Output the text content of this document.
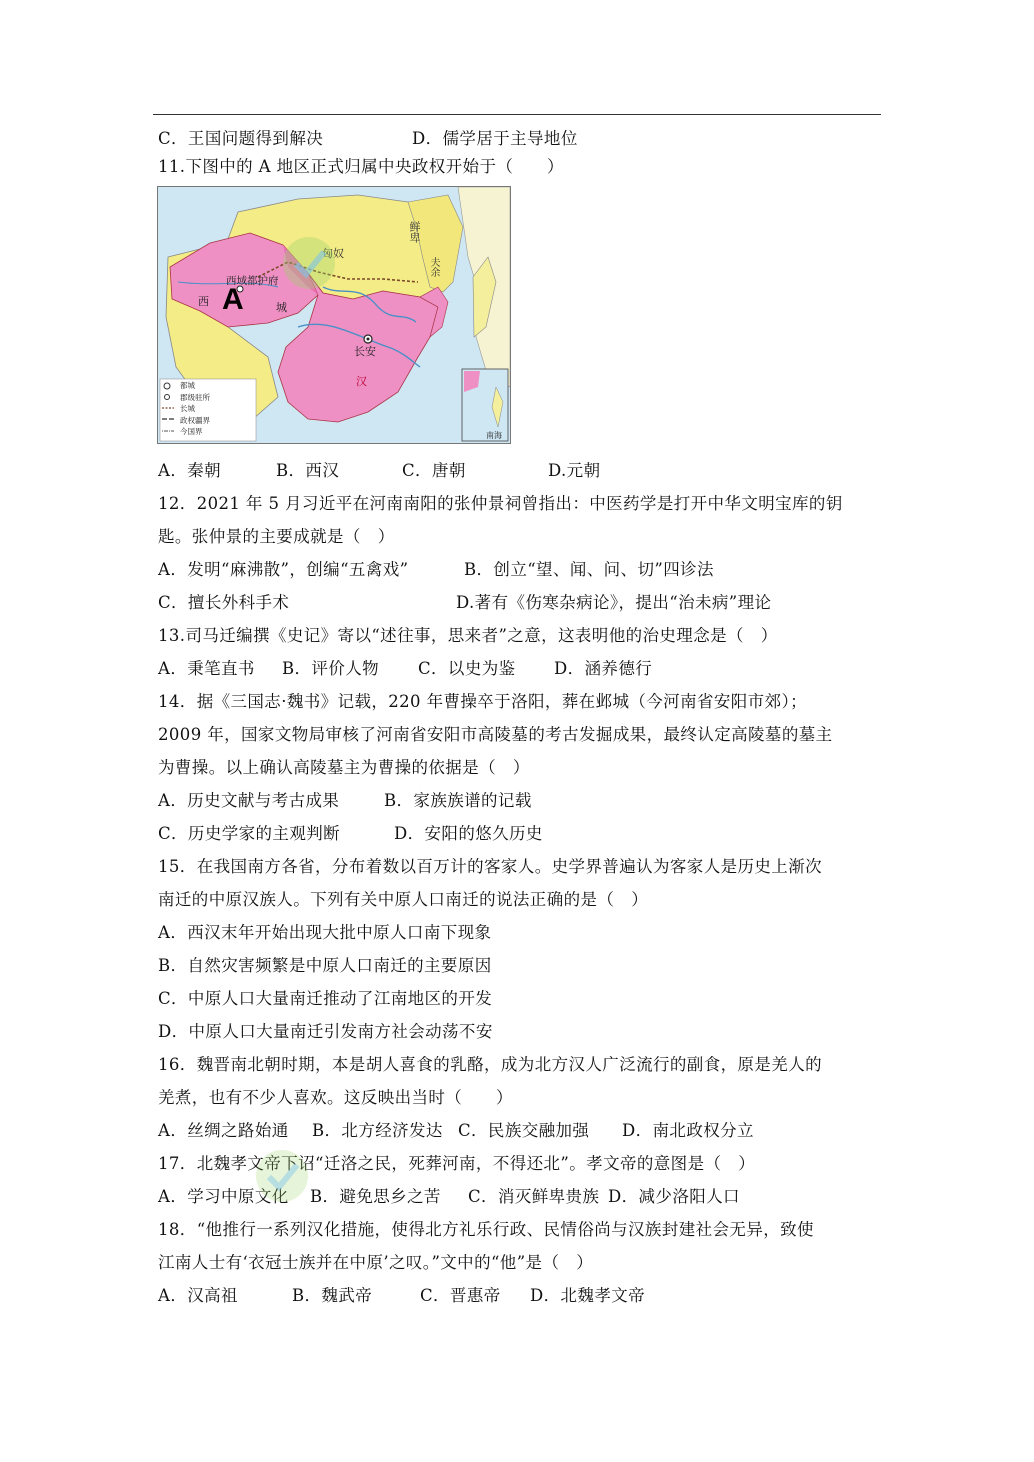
C．王国问题得到解决	D．儒学居于主导地位
11.下图中的 A 地区正式归属中央政权开始于（　　）
A
西
西域都护府
城
长安
汉
匈奴
鲜卑
夫余
南海
都城
郡级驻所
长城
政权疆界
今国界
A．秦朝	B．西汉	C．唐朝	D.元朝
12．2021 年 5 月习近平在河南南阳的张仲景祠曾指出：中医药学是打开中华文明宝库的钥
匙。张仲景的主要成就是（　）
A．发明“麻沸散”，创编“五禽戏”	B．创立“望、闻、问、切”四诊法
C．擅长外科手术	D.著有《伤寒杂病论》，提出“治未病”理论
13.司马迁编撰《史记》寄以“述往事，思来者”之意，这表明他的治史理念是（　）
A．秉笔直书 B．评价人物 C．以史为鉴 D．涵养德行
14．据《三国志·魏书》记载，220 年曹操卒于洛阳，葬在邺城（今河南省安阳市郊）；
2009 年，国家文物局审核了河南省安阳市高陵墓的考古发掘成果，最终认定高陵墓的墓主
为曹操。以上确认高陵墓主为曹操的依据是（　）
A．历史文献与考古成果	B．家族族谱的记载
C．历史学家的主观判断	D．安阳的悠久历史
15．在我国南方各省，分布着数以百万计的客家人。史学界普遍认为客家人是历史上渐次
南迁的中原汉族人。下列有关中原人口南迁的说法正确的是（　）
A．西汉末年开始出现大批中原人口南下现象
B．自然灾害频繁是中原人口南迁的主要原因
C．中原人口大量南迁推动了江南地区的开发
D．中原人口大量南迁引发南方社会动荡不安
16．魏晋南北朝时期，本是胡人喜食的乳酪，成为北方汉人广泛流行的副食，原是羌人的
羌煮，也有不少人喜欢。这反映出当时（　　）
A．丝绸之路始通 B．北方经济发达 C．民族交融加强 D．南北政权分立
17．北魏孝文帝下诏“迁洛之民，死葬河南，不得还北”。孝文帝的意图是（　）
A．学习中原文化 B．避免思乡之苦 C．消灭鲜卑贵族 D．减少洛阳人口
18．“他推行一系列汉化措施，使得北方礼乐行政、民情俗尚与汉族封建社会无异，致使
江南人士有‘衣冠士族并在中原’之叹。”文中的“他”是（　）
A．汉高祖	B．魏武帝	C．晋惠帝 D．北魏孝文帝
